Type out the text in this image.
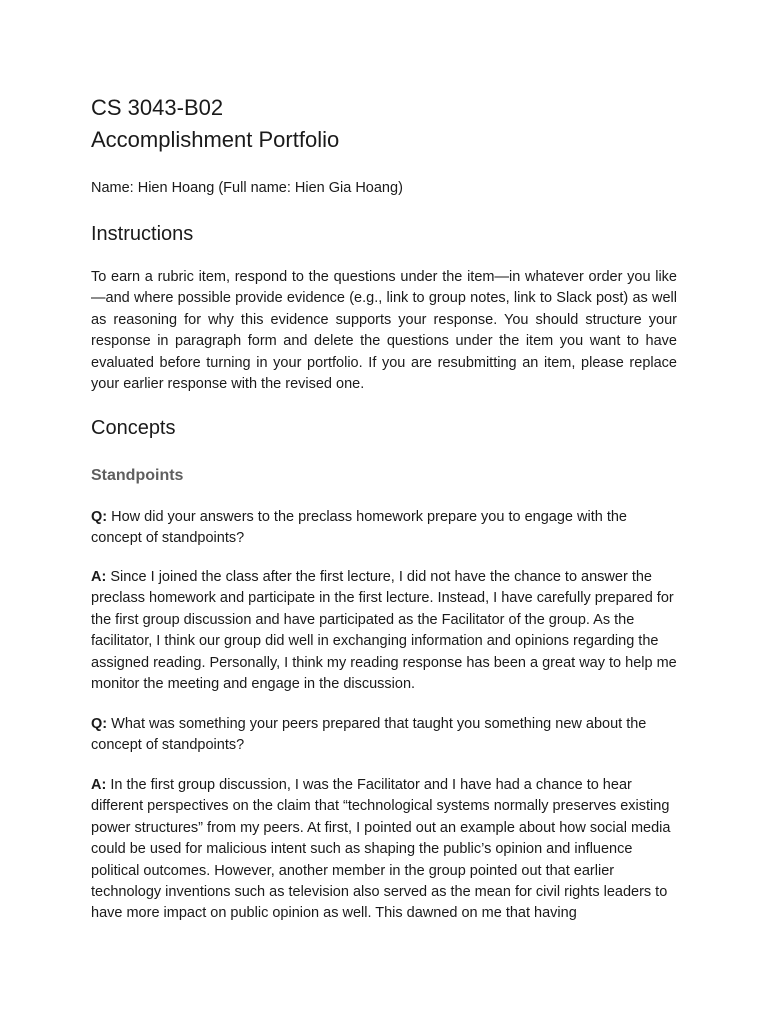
CS 3043-B02
Accomplishment Portfolio

Name: Hien Hoang (Full name: Hien Gia Hoang)

Instructions

To earn a rubric item, respond to the questions under the item—in whatever order you like—and where possible provide evidence (e.g., link to group notes, link to Slack post) as well as reasoning for why this evidence supports your response. You should structure your response in paragraph form and delete the questions under the item you want to have evaluated before turning in your portfolio. If you are resubmitting an item, please replace your earlier response with the revised one.

Concepts
Standpoints

Q: How did your answers to the preclass homework prepare you to engage with the concept of standpoints?

A: Since I joined the class after the first lecture, I did not have the chance to answer the preclass homework and participate in the first lecture. Instead, I have carefully prepared for the first group discussion and have participated as the Facilitator of the group. As the facilitator, I think our group did well in exchanging information and opinions regarding the assigned reading. Personally, I think my reading response has been a great way to help me monitor the meeting and engage in the discussion.

Q: What was something your peers prepared that taught you something new about the concept of standpoints?

A: In the first group discussion, I was the Facilitator and I have had a chance to hear different perspectives on the claim that “technological systems normally preserves existing power structures” from my peers. At first, I pointed out an example about how social media could be used for malicious intent such as shaping the public’s opinion and influence political outcomes. However, another member in the group pointed out that earlier technology inventions such as television also served as the mean for civil rights leaders to have more impact on public opinion as well. This dawned on me that having
